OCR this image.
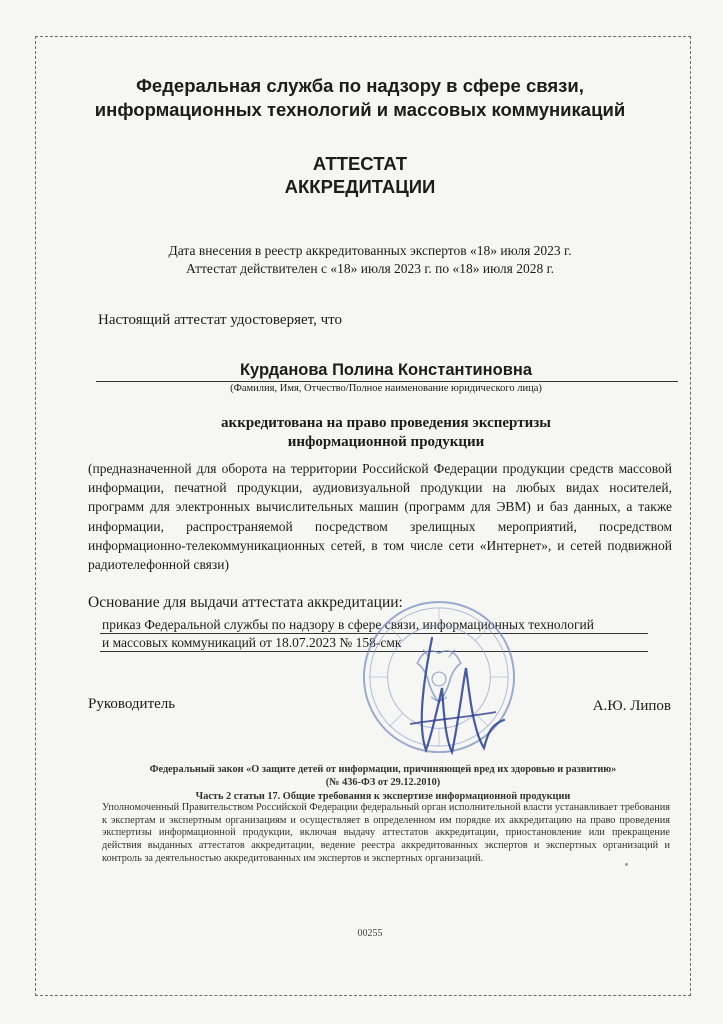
Федеральная служба по надзору в сфере связи,
информационных технологий и массовых коммуникаций
АТТЕСТАТ
АККРЕДИТАЦИИ
Дата внесения в реестр аккредитованных экспертов «18» июля 2023 г.
Аттестат действителен с «18» июля 2023 г. по «18» июля 2028 г.
Настоящий аттестат удостоверяет, что
Курданова Полина Константиновна
(Фамилия, Имя, Отчество/Полное наименование юридического лица)
аккредитована на право проведения экспертизы
информационной продукции
(предназначенной для оборота на территории Российской Федерации продукции средств массовой информации, печатной продукции, аудиовизуальной продукции на любых видах носителей, программ для электронных вычислительных машин (программ для ЭВМ) и баз данных, а также информации, распространяемой посредством зрелищных мероприятий, посредством информационно-телекоммуникационных сетей, в том числе сети «Интернет», и сетей подвижной радиотелефонной связи)
Основание для выдачи аттестата аккредитации:
приказ Федеральной службы по надзору в сфере связи, информационных технологий
и массовых коммуникаций от 18.07.2023 № 158-смк
Руководитель	А.Ю. Липов
Федеральный закон «О защите детей от информации, причиняющей вред их здоровью и развитию»
(№ 436-ФЗ от 29.12.2010)
Часть 2 статьи 17. Общие требования к экспертизе информационной продукции
Уполномоченный Правительством Российской Федерации федеральный орган исполнительной власти устанавливает требования к экспертам и экспертным организациям и осуществляет в определенном им порядке их аккредитацию на право проведения экспертизы информационной продукции, включая выдачу аттестатов аккредитации, приостановление или прекращение действия выданных аттестатов аккредитации, ведение реестра аккредитованных экспертов и экспертных организаций и контроль за деятельностью аккредитованных им экспертов и экспертных организаций.
00255
